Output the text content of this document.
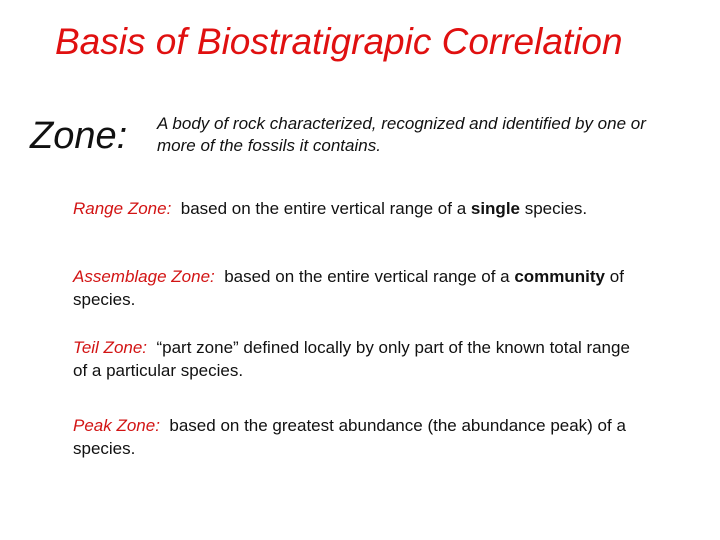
Basis of Biostratigrapic Correlation
Zone: A body of rock characterized, recognized and identified by one or more of the fossils it contains.
Range Zone:  based on the entire vertical range of a single species.
Assemblage Zone:  based on the entire vertical range of a community of species.
Teil Zone:  “part zone” defined locally by only part of the known total range of a particular species.
Peak Zone:  based on the greatest abundance (the abundance peak) of a species.
